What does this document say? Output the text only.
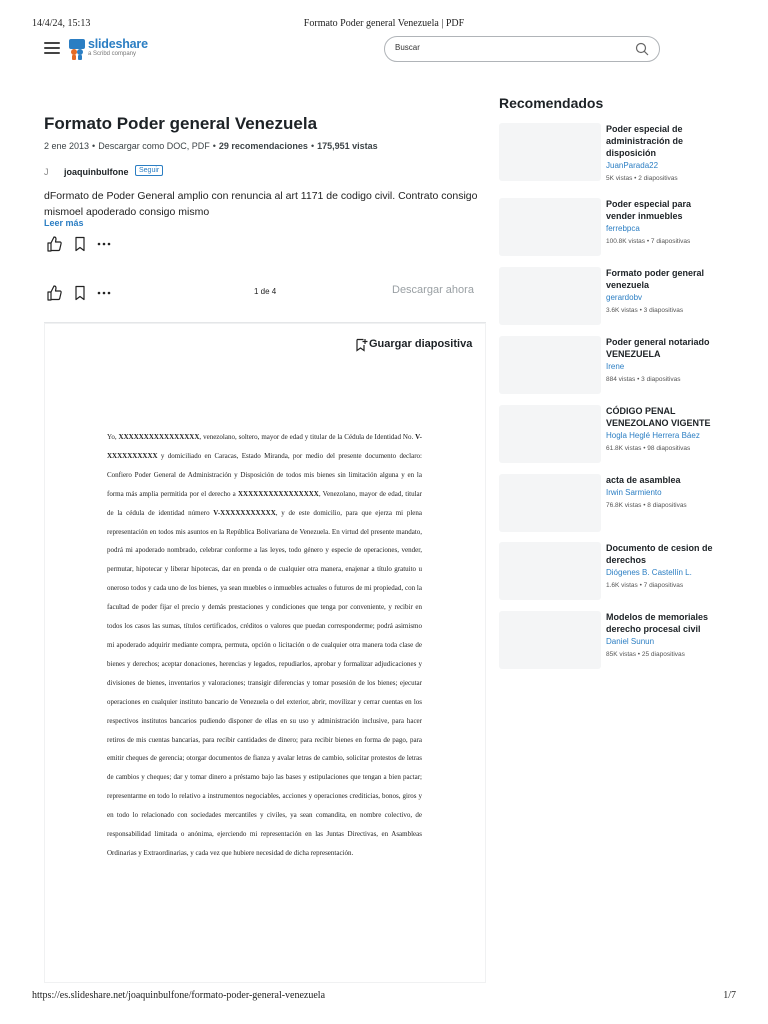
14/4/24, 15:13	Formato Poder general Venezuela | PDF
slideshare
a Scribd company
Buscar
Formato Poder general Venezuela
2 ene 2013 • Descargar como DOC, PDF • 29 recomendaciones • 175,951 vistas
J	joaquinbulfone	Seguir

dFormato de Poder General amplio con renuncia al art 1171 de codigo civil. Contrato consigo mismoel apoderado consigo mismo

Leer más
1 de 4	Descargar ahora
Guargar diapositiva

Yo, XXXXXXXXXXXXXXXX, venezolano, soltero, mayor de edad y titular de la Cédula de Identidad No. V-XXXXXXXXXX y domiciliado en Caracas, Estado Miranda, por medio del presente documento declaro: Confiero Poder General de Administración y Disposición de todos mis bienes sin limitación alguna y en la forma más amplia permitida por el derecho a XXXXXXXXXXXXXXXX, Venezolano, mayor de edad, titular de la cédula de identidad número V-XXXXXXXXXXX, y de este domicilio, para que ejerza mi plena representación en todos mis asuntos en la República Bolivariana de Venezuela. En virtud del presente mandato, podrá mi apoderado nombrado, celebrar conforme a las leyes, todo género y especie de operaciones, vender, permutar, hipotecar y liberar hipotecas, dar en prenda o de cualquier otra manera, enajenar a título gratuito u oneroso todos y cada uno de los bienes, ya sean muebles o inmuebles actuales o futuros de mi propiedad, con la facultad de poder fijar el precio y demás prestaciones y condiciones que tenga por conveniente, y recibir en todos los casos las sumas, títulos certificados, créditos o valores que puedan corresponderme; podrá asimismo mi apoderado adquirir mediante compra, permuta, opción o licitación o de cualquier otra manera toda clase de bienes y derechos; aceptar donaciones, herencias y legados, repudiarlos, aprobar y formalizar adjudicaciones y divisiones de bienes, inventarios y valoraciones; transigir diferencias y tomar posesión de los bienes; ejecutar operaciones en cualquier instituto bancario de Venezuela o del exterior, abrir, movilizar y cerrar cuentas en los respectivos institutos bancarios pudiendo disponer de ellas en su uso y administración inclusive, para hacer retiros de mis cuentas bancarias, para recibir cantidades de dinero; para recibir bienes en forma de pago, para emitir cheques de gerencia; otorgar documentos de fianza y avalar letras de cambio, solicitar protestos de letras de cambios y cheques; dar y tomar dinero a préstamo bajo las bases y estipulaciones que tengan a bien pactar; representarme en todo lo relativo a instrumentos negociables, acciones y operaciones crediticias, bonos, giros y en todo lo relacionado con sociedades mercantiles y civiles, ya sean comandita, en nombre colectivo, de responsabilidad limitada o anónima, ejerciendo mi representación en las Juntas Directivas, en Asambleas Ordinarias y Extraordinarias, y cada vez que hubiere necesidad de dicha representación.

Recomendados
Poder especial de administración de disposición
JuanParada22
5K vistas • 2 diapositivas
Poder especial para vender inmuebles
ferrebpca
100.8K vistas • 7 diapositivas
Formato poder general venezuela
gerardobv
3.6K vistas • 3 diapositivas
Poder general notariado VENEZUELA
Irene
884 vistas • 3 diapositivas
CÓDIGO PENAL VENEZOLANO VIGENTE
Hogla Heglé Herrera Báez
61.8K vistas • 98 diapositivas
acta de asamblea
Irwin Sarmiento
76.8K vistas • 8 diapositivas
Documento de cesion de derechos
Diógenes B. Castellín L.
1.6K vistas • 7 diapositivas
Modelos de memoriales derecho procesal civil
Daniel Sunun
85K vistas • 25 diapositivas
https://es.slideshare.net/joaquinbulfone/formato-poder-general-venezuela	1/7
